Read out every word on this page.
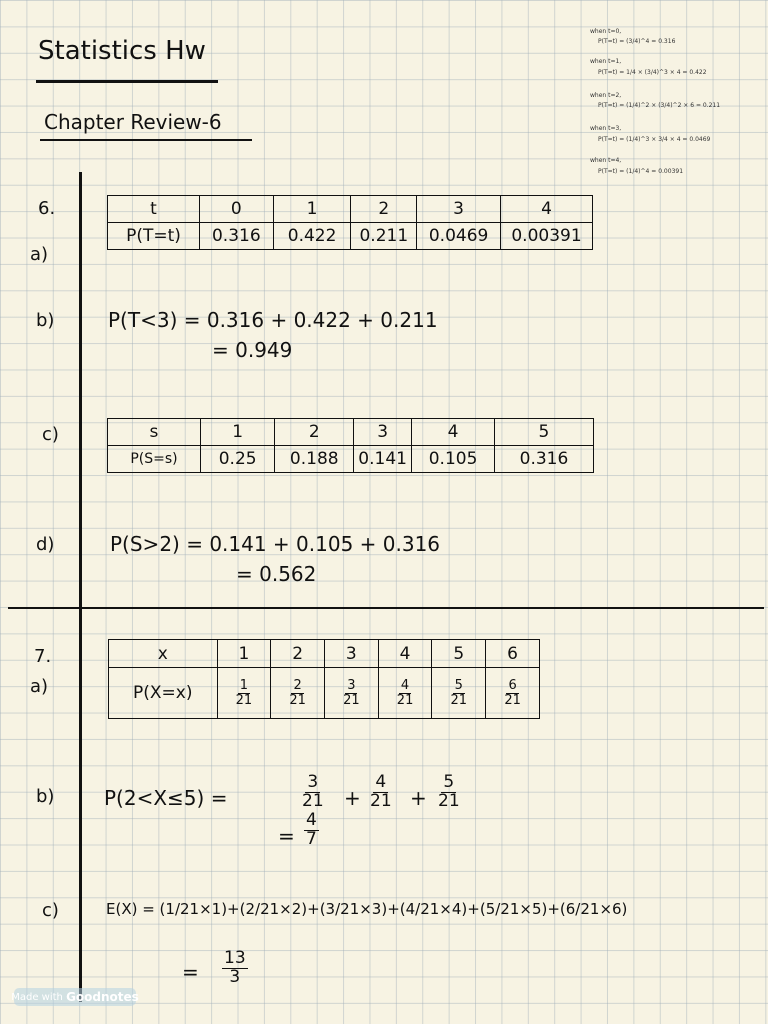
Statistics Hw
Chapter Review-6
when t=0,
P(T=t) = (3/4)^4 = 0.316
when t=1,
P(T=t) = 1/4 × (3/4)^3 × 4 = 0.422
when t=2,
P(T=t) = (1/4)^2 × (3/4)^2 × 6 = 0.211
when t=3,
P(T=t) = (1/4)^3 × 3/4 × 4 = 0.0469
when t=4,
P(T=t) = (1/4)^4 = 0.00391
6.
a)
t	0	1	2	3	4
P(T=t)	0.316	0.422	0.211	0.0469	0.00391
b)	P(T<3) = 0.316 + 0.422 + 0.211
= 0.949
c)	s	1	2	3	4	5
P(S=s)	0.25	0.188	0.141	0.105	0.316
d)	P(S>2) = 0.141 + 0.105 + 0.316
= 0.562
7.
a)
x	1	2	3	4	5	6
P(X=x)	$\frac{1}{21}$	$\frac{2}{21}$	$\frac{3}{21}$	$\frac{4}{21}$	$\frac{5}{21}$	$\frac{6}{21}$
b) P(2<X≤5) =	$\frac{3}{21} + \frac{4}{21} + \frac{5}{21}$
= $\frac{4}{7}$
c)	E(X) = (1/21×1)+(2/21×2)+(3/21×3)+(4/21×4)+(5/21×5)+(6/21×6)
= $\frac{13}{3}$
Made with
Goodnotes
